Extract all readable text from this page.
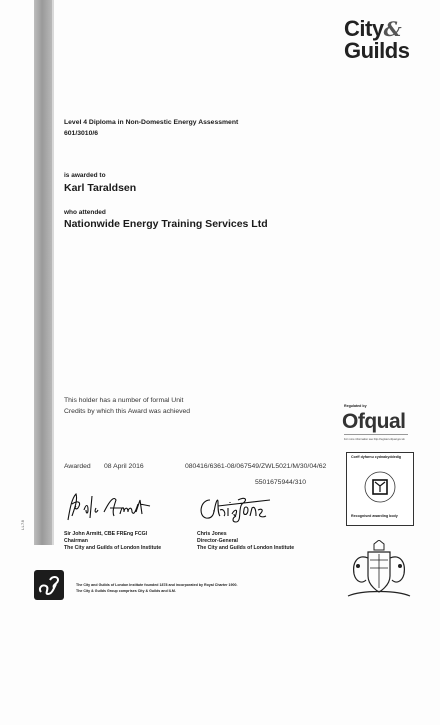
LL78
City&
Guilds
Level 4 Diploma in Non-Domestic Energy Assessment
601/3010/6
is awarded to
Karl Taraldsen
who attended
Nationwide Energy Training Services Ltd
This holder has a number of formal Unit
Credits by which this Award was achieved
Awarded 08 April 2016	080416/6361-08/067549/ZWL5021/M/30/04/62
5501675944/310
Sir John Armitt, CBE FREng FCGI
Chairman
The City and Guilds of London Institute
Chris Jones
Director-General
The City and Guilds of London Institute
The City and Guilds of London Institute founded 1878 and incorporated by Royal Charter 1900.
The City & Guilds Group comprises City & Guilds and ILM.
Regulated by
Ofqual
For more information see http://register.ofqual.gov.uk
Corff dyfarnu cydnabyddedig
Recognised awarding body
